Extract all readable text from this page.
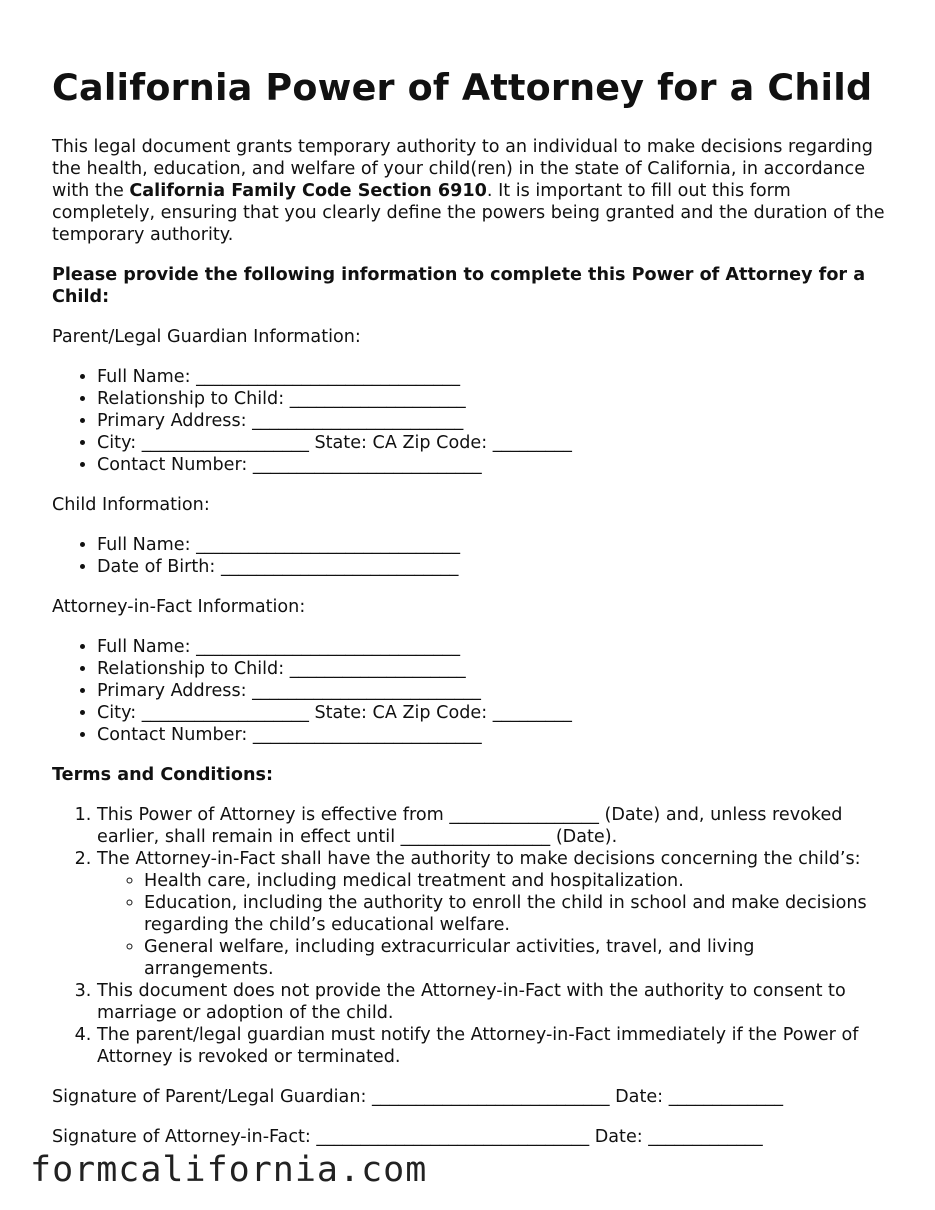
California Power of Attorney for a Child

This legal document grants temporary authority to an individual to make decisions regarding the health, education, and welfare of your child(ren) in the state of California, in accordance with the California Family Code Section 6910. It is important to fill out this form completely, ensuring that you clearly define the powers being granted and the duration of the temporary authority.

Please provide the following information to complete this Power of Attorney for a Child:

Parent/Legal Guardian Information:

• Full Name: ______________________________
• Relationship to Child: ____________________
• Primary Address: ________________________
• City: ___________________ State: CA Zip Code: _________
• Contact Number: __________________________

Child Information:

• Full Name: ______________________________
• Date of Birth: ___________________________

Attorney-in-Fact Information:

• Full Name: ______________________________
• Relationship to Child: ____________________
• Primary Address: __________________________
• City: ___________________ State: CA Zip Code: _________
• Contact Number: __________________________

Terms and Conditions:

1. This Power of Attorney is effective from _________________ (Date) and, unless revoked earlier, shall remain in effect until _________________ (Date).
2. The Attorney-in-Fact shall have the authority to make decisions concerning the child’s:
◦ Health care, including medical treatment and hospitalization.
◦ Education, including the authority to enroll the child in school and make decisions regarding the child’s educational welfare.
◦ General welfare, including extracurricular activities, travel, and living arrangements.
3. This document does not provide the Attorney-in-Fact with the authority to consent to marriage or adoption of the child.
4. The parent/legal guardian must notify the Attorney-in-Fact immediately if the Power of Attorney is revoked or terminated.

Signature of Parent/Legal Guardian: ___________________________ Date: _____________

Signature of Attorney-in-Fact: _______________________________ Date: _____________

formcalifornia.com
